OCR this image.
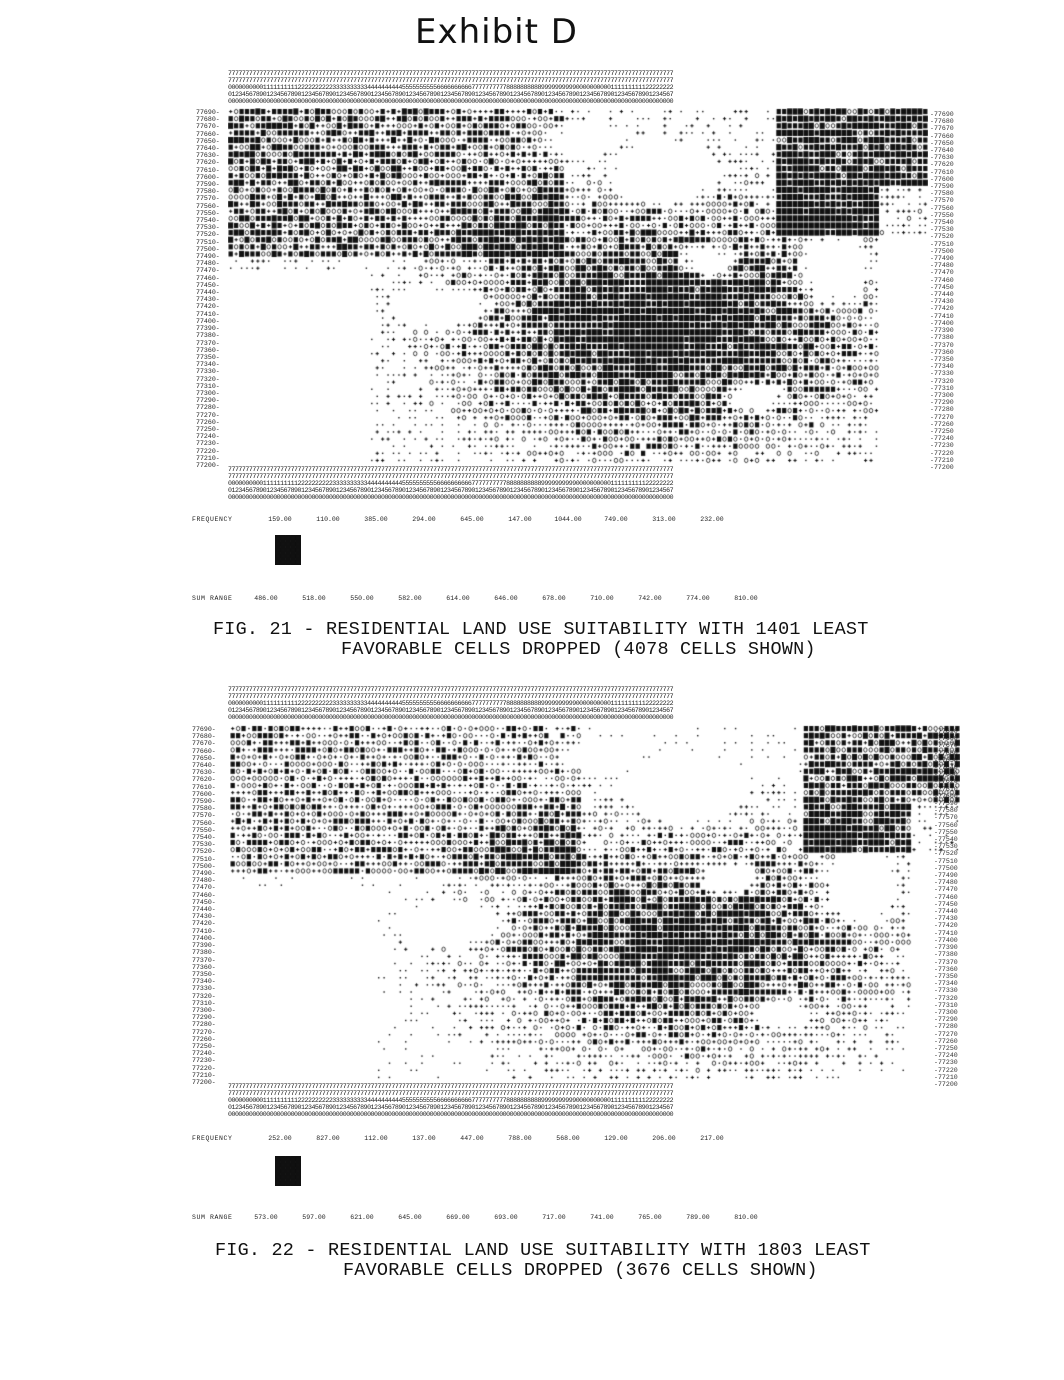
Exhibit D
77777777777777777777777777777777777777777777777777777777777777777777777777777777777777777777777777777777777777777777777777777777
77777777777777777777777777777777777777777777777777777777777777777777777777777777777777777777777777777777777777777777777777777777
00000000001111111111222222222233333333334444444444555555555566666666667777777777888888888899999999990000000000111111111122222222
01234567890123456789012345678901234567890123456789012345678901234567890123456789012345678901234567890123456789012345678901234567
00000000000000000000000000000000000000000000000000000000000000000000000000000000000000000000000000000000000000000000000000000000
77690-
77680-
77670-
77660-
77650-
77640-
77630-
77620-
77610-
77600-
77590-
77580-
77570-
77560-
77550-
77540-
77530-
77520-
77510-
77500-
77490-
77480-
77470-
77460-
77450-
77440-
77430-
77420-
77410-
77400-
77390-
77380-
77370-
77360-
77350-
77340-
77330-
77320-
77310-
77300-
77290-
77280-
77270-
77260-
77250-
77240-
77230-
77220-
77210-
77200-
-77690
-77680
-77670
-77660
-77650
-77640
-77630
-77620
-77610
-77600
-77590
-77580
-77570
-77560
-77550
-77540
-77530
-77520
-77510
-77500
-77490
-77480
-77470
-77460
-77450
-77440
-77430
-77420
-77410
-77400
-77390
-77380
-77370
-77360
-77350
-77340
-77330
-77320
-77310
-77300
-77290
-77280
-77270
-77260
-77250
-77240
-77230
-77220
-77210
-77200
77777777777777777777777777777777777777777777777777777777777777777777777777777777777777777777777777777777777777777777777777777777
77777777777777777777777777777777777777777777777777777777777777777777777777777777777777777777777777777777777777777777777777777777
00000000001111111111222222222233333333334444444444555555555566666666667777777777888888888899999999990000000000111111111122222222
01234567890123456789012345678901234567890123456789012345678901234567890123456789012345678901234567890123456789012345678901234567
00000000000000000000000000000000000000000000000000000000000000000000000000000000000000000000000000000000000000000000000000000000
FREQUENCY	159.00	110.00	385.00	294.00	645.00	147.00	1044.00	749.00	313.00	232.00
SUM RANGE	486.00	518.00	550.00	582.00	614.00	646.00	678.00	710.00	742.00	774.00	810.00
FIG. 21 - RESIDENTIAL LAND USE SUITABILITY WITH 1401 LEAST
FAVORABLE CELLS DROPPED (4078 CELLS SHOWN)
77777777777777777777777777777777777777777777777777777777777777777777777777777777777777777777777777777777777777777777777777777777
77777777777777777777777777777777777777777777777777777777777777777777777777777777777777777777777777777777777777777777777777777777
00000000001111111111222222222233333333334444444444555555555566666666667777777777888888888899999999990000000000111111111122222222
01234567890123456789012345678901234567890123456789012345678901234567890123456789012345678901234567890123456789012345678901234567
00000000000000000000000000000000000000000000000000000000000000000000000000000000000000000000000000000000000000000000000000000000
77690-
77680-
77670-
77660-
77650-
77640-
77630-
77620-
77610-
77600-
77590-
77580-
77570-
77560-
77550-
77540-
77530-
77520-
77510-
77500-
77490-
77480-
77470-
77460-
77450-
77440-
77430-
77420-
77410-
77400-
77390-
77380-
77370-
77360-
77350-
77340-
77330-
77320-
77310-
77300-
77290-
77280-
77270-
77260-
77250-
77240-
77230-
77220-
77210-
77200-	-77200
77777777777777777777777777777777777777777777777777777777777777777777777777777777777777777777777777777777777777777777777777777777
77777777777777777777777777777777777777777777777777777777777777777777777777777777777777777777777777777777777777777777777777777777
00000000001111111111222222222233333333334444444444555555555566666666667777777777888888888899999999990000000000111111111122222222
01234567890123456789012345678901234567890123456789012345678901234567890123456789012345678901234567890123456789012345678901234567
00000000000000000000000000000000000000000000000000000000000000000000000000000000000000000000000000000000000000000000000000000000
FREQUENCY	252.00	827.00	112.00	137.00	447.00	788.00	568.00	129.00	206.00	217.00
SUM RANGE	573.00	597.00	621.00	645.00	669.00	693.00	717.00	741.00	765.00	789.00	810.00
FIG. 22 - RESIDENTIAL LAND USE SUITABILITY WITH 1803 LEAST
FAVORABLE CELLS DROPPED (3676 CELLS SHOWN)
